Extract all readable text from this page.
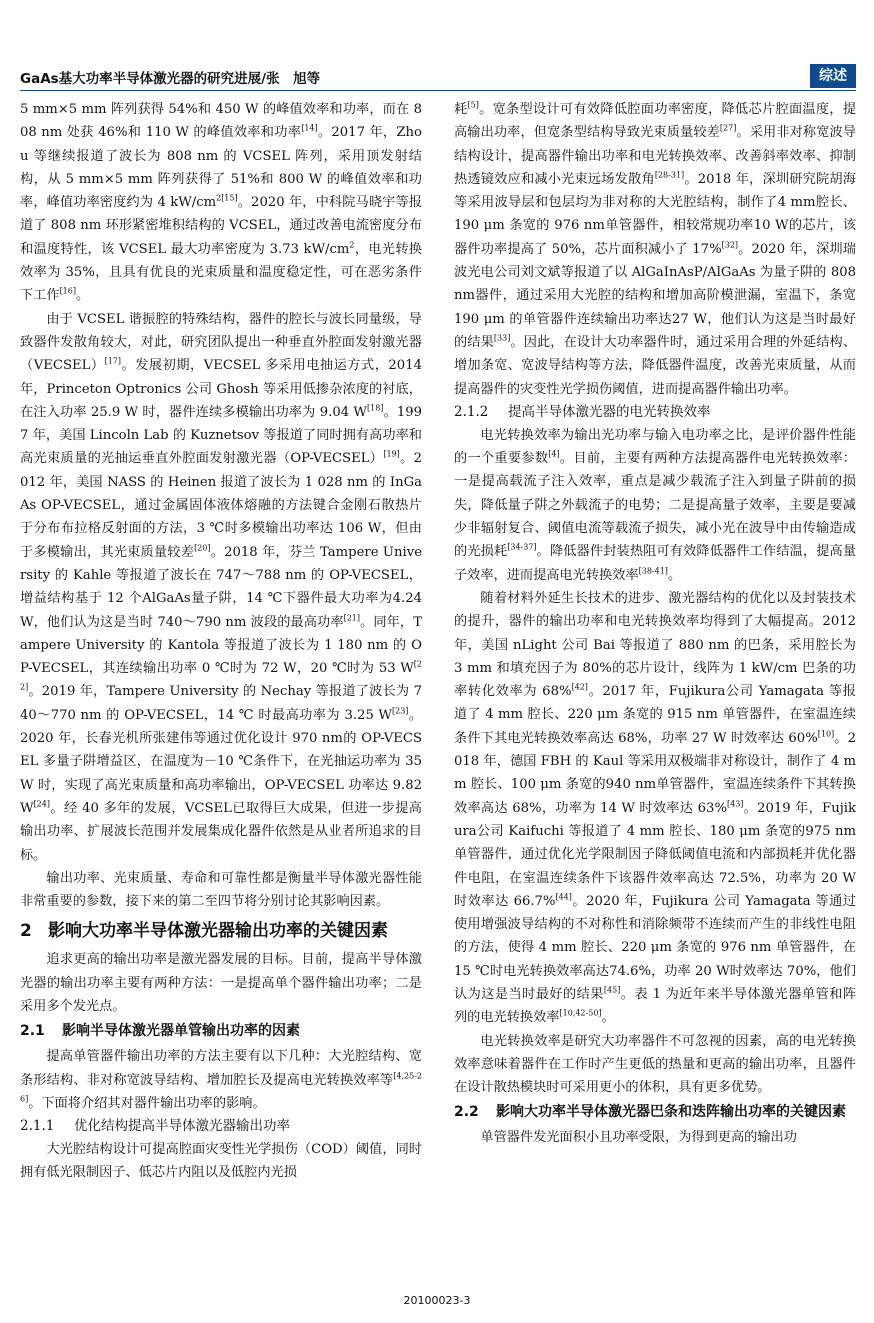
GaAs基大功率半导体激光器的研究进展/张　旭等	综述

5 mm×5 mm 阵列获得 54%和 450 W 的峰值效率和功率，而在 808 nm 处获 46%和 110 W 的峰值效率和功率[14]。2017 年，Zhou 等继续报道了波长为 808 nm 的 VCSEL 阵列，采用顶发射结构，从 5 mm×5 mm 阵列获得了 51%和 800 W 的峰值效率和功率，峰值功率密度约为 4 $kW/cm^{2[15]}$。2020 年，中科院马晓宇等报道了 808 nm 环形紧密堆积结构的 VCSEL，通过改善电流密度分布和温度特性，该 VCSEL 最大功率密度为 3.73 $kW/cm^2$，电光转换效率为 35%，且具有优良的光束质量和温度稳定性，可在恶劣条件下工作[16]。

由于 VCSEL 谐振腔的特殊结构，器件的腔长与波长同量级，导致器件发散角较大，对此，研究团队提出一种垂直外腔面发射激光器（VECSEL）[17]。发展初期，VECSEL 多采用电抽运方式，2014 年，Princeton Optronics 公司 Ghosh 等采用低掺杂浓度的衬底，在注入功率 25.9 W 时，器件连续多模输出功率为 9.04 W[18]。1997 年，美国 Lincoln Lab 的 Kuznetsov 等报道了同时拥有高功率和高光束质量的光抽运垂直外腔面发射激光器（OP-VECSEL）[19]。2012 年，美国 NASS 的 Heinen 报道了波长为 1 028 nm 的 InGaAs OP-VECSEL，通过金属固体液体熔融的方法键合金刚石散热片于分布布拉格反射面的方法，3 ℃时多模输出功率达 106 W，但由于多模输出，其光束质量较差[20]。2018 年，芬兰 Tampere University 的 Kahle 等报道了波长在 747～788 nm 的 OP-VECSEL，增益结构基于 12 个AlGaAs量子阱，14 ℃下器件最大功率为4.24 W，他们认为这是当时 740～790 nm 波段的最高功率[21]。同年，Tampere University 的 Kantola 等报道了波长为 1 180 nm 的 OP-VECSEL，其连续输出功率 0 ℃时为 72 W，20 ℃时为 53 W[22]。2019 年，Tampere University 的 Nechay 等报道了波长为 740～770 nm 的 OP-VECSEL，14 ℃ 时最高功率为 3.25 W[23]。2020 年，长春光机所张建伟等通过优化设计 970 nm的 OP-VECSEL 多量子阱增益区，在温度为－10 ℃条件下，在光抽运功率为 35 W 时，实现了高光束质量和高功率输出，OP-VECSEL 功率达 9.82 W[24]。经 40 多年的发展，VCSEL已取得巨大成果，但进一步提高输出功率、扩展波长范围并发展集成化器件依然是从业者所追求的目标。

输出功率、光束质量、寿命和可靠性都是衡量半导体激光器性能非常重要的参数，接下来的第二至四节将分别讨论其影响因素。

2 影响大功率半导体激光器输出功率的关键因素

追求更高的输出功率是激光器发展的目标。目前，提高半导体激光器的输出功率主要有两种方法：一是提高单个器件输出功率；二是采用多个发光点。

2.1 影响半导体激光器单管输出功率的因素

提高单管器件输出功率的方法主要有以下几种：大光腔结构、宽条形结构、非对称宽波导结构、增加腔长及提高电光转换效率等[4,25-26]。下面将介绍其对器件输出功率的影响。

2.1.1 优化结构提高半导体激光器输出功率

大光腔结构设计可提高腔面灾变性光学损伤（COD）阈值，同时拥有低光限制因子、低芯片内阻以及低腔内光损

耗[5]。宽条型设计可有效降低腔面功率密度，降低芯片腔面温度，提高输出功率，但宽条型结构导致光束质量较差[27]。采用非对称宽波导结构设计，提高器件输出功率和电光转换效率、改善斜率效率、抑制热透镜效应和减小光束远场发散角[28-31]。2018 年，深圳研究院胡海等采用波导层和包层均为非对称的大光腔结构，制作了4 mm腔长、190 μm 条宽的 976 nm单管器件，相较常规功率10 W的芯片，该器件功率提高了 50%，芯片面积减小了 17%[32]。2020 年，深圳瑞波光电公司刘文斌等报道了以 AlGaInAsP/AlGaAs 为量子阱的 808 nm器件，通过采用大光腔的结构和增加高阶模泄漏，室温下，条宽 190 μm 的单管器件连续输出功率达27 W，他们认为这是当时最好的结果[33]。因此，在设计大功率器件时，通过采用合理的外延结构、增加条宽、宽波导结构等方法，降低器件温度，改善光束质量，从而提高器件的灾变性光学损伤阈值，进而提高器件输出功率。

2.1.2 提高半导体激光器的电光转换效率

电光转换效率为输出光功率与输入电功率之比，是评价器件性能的一个重要参数[4]。目前，主要有两种方法提高器件电光转换效率：一是提高载流子注入效率，重点是减少载流子注入到量子阱前的损失，降低量子阱之外载流子的电势；二是提高量子效率，主要是要减少非辐射复合、阈值电流等载流子损失，减小光在波导中由传输造成的光损耗[34-37]。降低器件封装热阻可有效降低器件工作结温，提高量子效率，进而提高电光转换效率[38-41]。

随着材料外延生长技术的进步、激光器结构的优化以及封装技术的提升，器件的输出功率和电光转换效率均得到了大幅提高。2012 年，美国 nLight 公司 Bai 等报道了 880 nm 的巴条，采用腔长为 3 mm 和填充因子为 80%的芯片设计，线阵为 1 kW/cm 巴条的功率转化效率为 68%[42]。2017 年，Fujikura公司 Yamagata 等报道了 4 mm 腔长、220 μm 条宽的 915 nm 单管器件，在室温连续条件下其电光转换效率高达 68%，功率 27 W 时效率达 60%[10]。2018 年，德国 FBH 的 Kaul 等采用双极端非对称设计，制作了 4 mm 腔长、100 μm 条宽的940 nm单管器件，室温连续条件下其转换效率高达 68%，功率为 14 W 时效率达 63%[43]。2019 年，Fujikura公司 Kaifuchi 等报道了 4 mm 腔长、180 μm 条宽的975 nm单管器件，通过优化光学限制因子降低阈值电流和内部损耗并优化器件电阻，在室温连续条件下该器件效率高达 72.5%，功率为 20 W 时效率达 66.7%[44]。2020 年，Fujikura 公司 Yamagata 等通过使用增强波导结构的不对称性和消除频带不连续而产生的非线性电阻的方法，使得 4 mm 腔长、220 μm 条宽的 976 nm 单管器件，在 15 ℃时电光转换效率高达74.6%，功率 20 W时效率达 70%，他们认为这是当时最好的结果[45]。表 1 为近年来半导体激光器单管和阵列的电光转换效率[10,42-50]。

电光转换效率是研究大功率器件不可忽视的因素，高的电光转换效率意味着器件在工作时产生更低的热量和更高的输出功率，且器件在设计散热模块时可采用更小的体积，具有更多优势。

2.2 影响大功率半导体激光器巴条和迭阵输出功率的关键因素

单管器件发光面积小且功率受限，为得到更高的输出功

20100023-3
